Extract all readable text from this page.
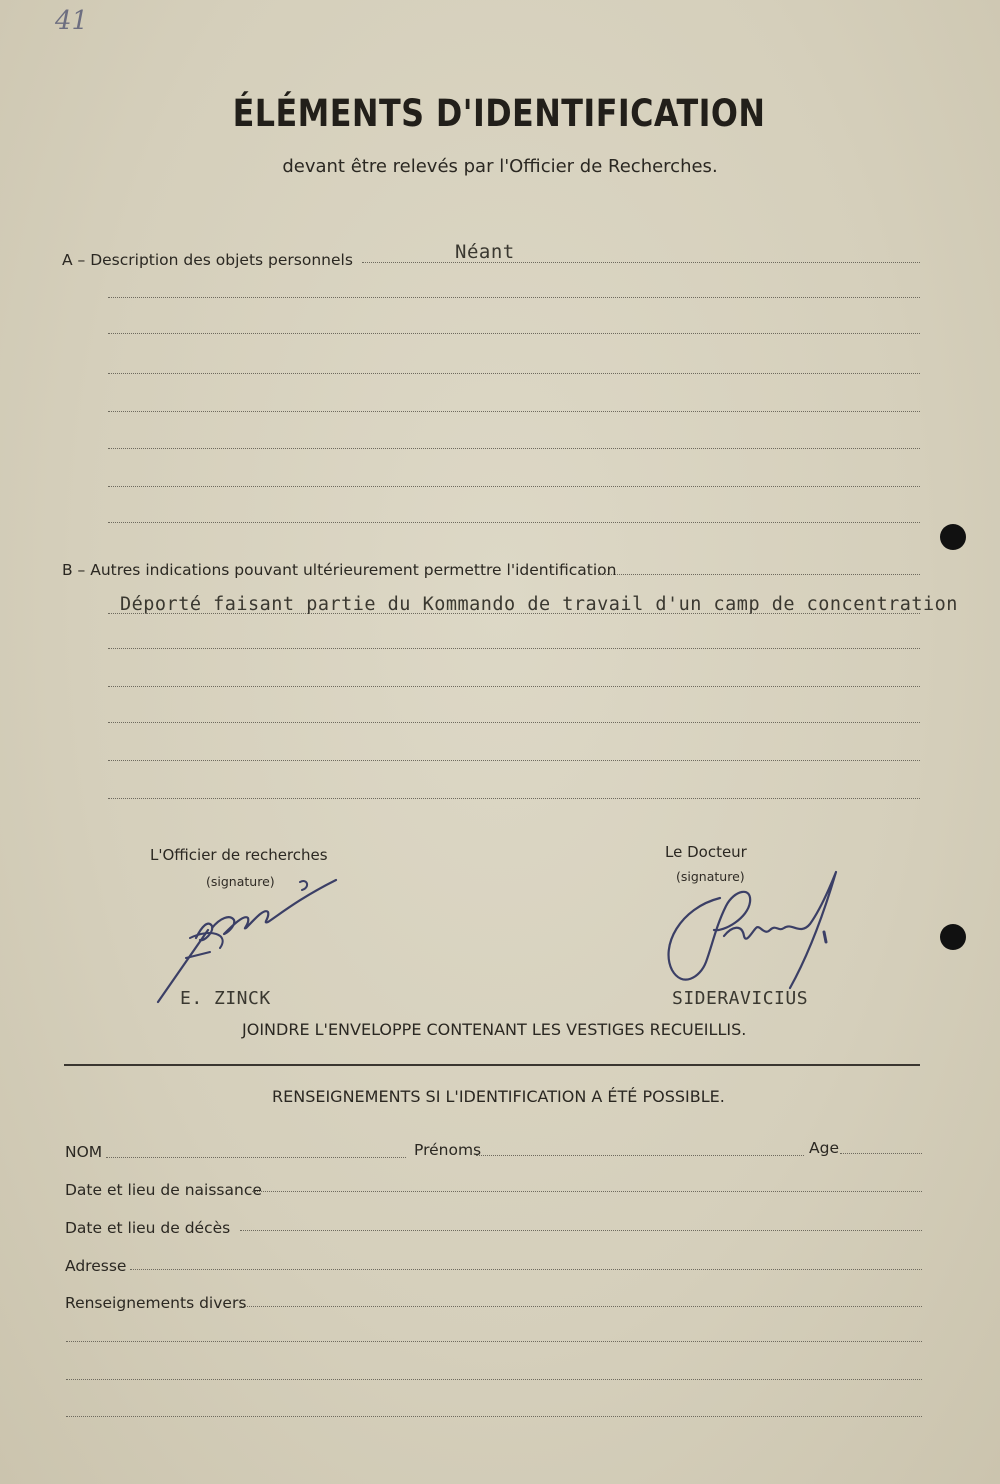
41
ÉLÉMENTS D'IDENTIFICATION
devant être relevés par l'Officier de Recherches.
A – Description des objets personnels	Néant
B – Autres indications pouvant ultérieurement permettre l'identification
Déporté faisant partie du Kommando de travail d'un camp de concentration
L'Officier de recherches
(signature)
E. ZINCK
Le Docteur
(signature)
SIDERAVICIUS
JOINDRE L'ENVELOPPE CONTENANT LES VESTIGES RECUEILLIS.
RENSEIGNEMENTS SI L'IDENTIFICATION A ÉTÉ POSSIBLE.
NOM	Prénoms	Age
Date et lieu de naissance
Date et lieu de décès
Adresse
Renseignements divers
